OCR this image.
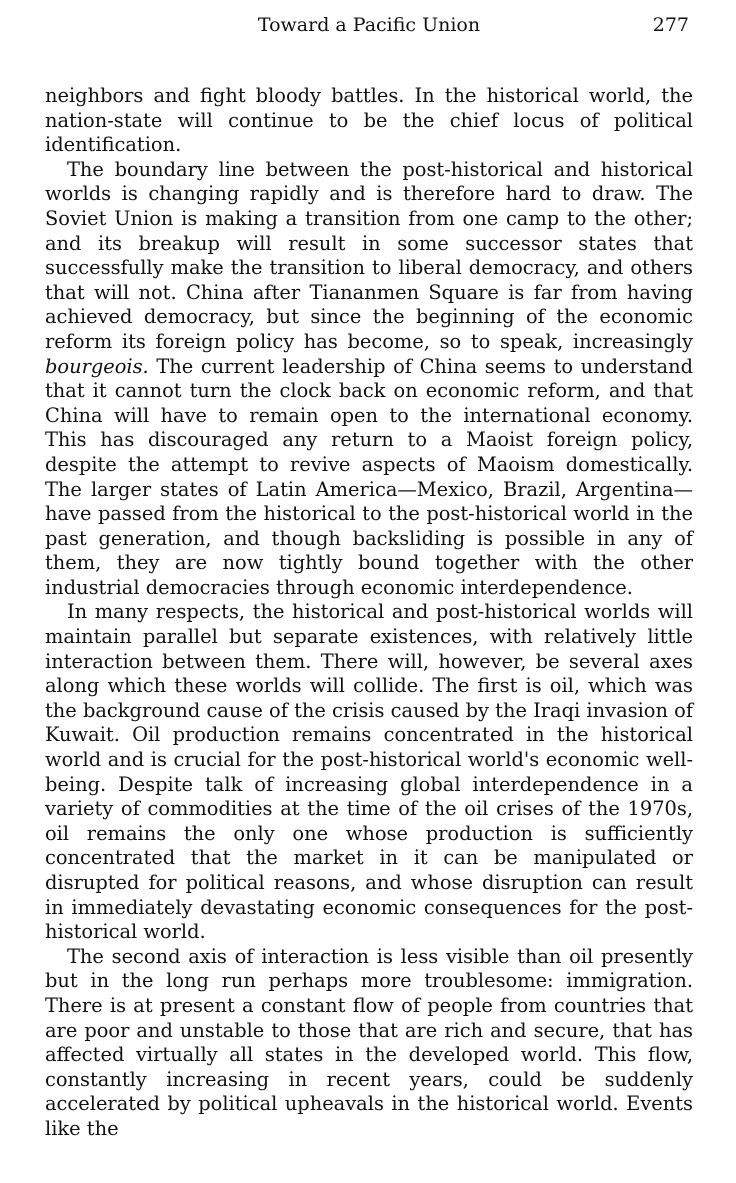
Toward a Pacific Union	277

neighbors and fight bloody battles. In the historical world, the nation-state will continue to be the chief locus of political identification.

The boundary line between the post-historical and historical worlds is changing rapidly and is therefore hard to draw. The Soviet Union is making a transition from one camp to the other; and its breakup will result in some successor states that successfully make the transition to liberal democracy, and others that will not. China after Tiananmen Square is far from having achieved democracy, but since the beginning of the economic reform its foreign policy has become, so to speak, increasingly bourgeois. The current leadership of China seems to understand that it cannot turn the clock back on economic reform, and that China will have to remain open to the international economy. This has discouraged any return to a Maoist foreign policy, despite the attempt to revive aspects of Maoism domestically. The larger states of Latin America—Mexico, Brazil, Argentina—have passed from the historical to the post-historical world in the past generation, and though backsliding is possible in any of them, they are now tightly bound together with the other industrial democracies through economic interdependence.

In many respects, the historical and post-historical worlds will maintain parallel but separate existences, with relatively little interaction between them. There will, however, be several axes along which these worlds will collide. The first is oil, which was the background cause of the crisis caused by the Iraqi invasion of Kuwait. Oil production remains concentrated in the historical world and is crucial for the post-historical world's economic well-being. Despite talk of increasing global interdependence in a variety of commodities at the time of the oil crises of the 1970s, oil remains the only one whose production is sufficiently concentrated that the market in it can be manipulated or disrupted for political reasons, and whose disruption can result in immediately devastating economic consequences for the post-historical world.

The second axis of interaction is less visible than oil presently but in the long run perhaps more troublesome: immigration. There is at present a constant flow of people from countries that are poor and unstable to those that are rich and secure, that has affected virtually all states in the developed world. This flow, constantly increasing in recent years, could be suddenly accelerated by political upheavals in the historical world. Events like the
